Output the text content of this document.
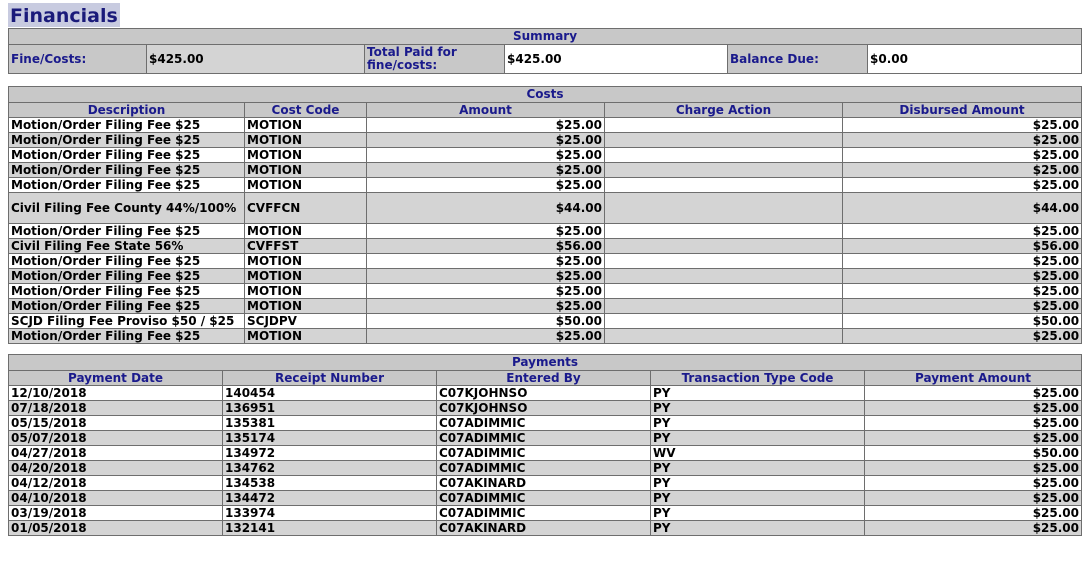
Financials
Summary
Fine/Costs:	$425.00	Total Paid for fine/costs:	$425.00	Balance Due:	$0.00
Costs				
Description	Cost Code	Amount	Charge Action	Disbursed Amount
Motion/Order Filing Fee $25	MOTION	$25.00		$25.00
Motion/Order Filing Fee $25	MOTION	$25.00		$25.00
Motion/Order Filing Fee $25	MOTION	$25.00		$25.00
Motion/Order Filing Fee $25	MOTION	$25.00		$25.00
Motion/Order Filing Fee $25	MOTION	$25.00		$25.00
Civil Filing Fee County 44%/100%	CVFFCN	$44.00		$44.00
Motion/Order Filing Fee $25	MOTION	$25.00		$25.00
Civil Filing Fee State 56%	CVFFST	$56.00		$56.00
Motion/Order Filing Fee $25	MOTION	$25.00		$25.00
Motion/Order Filing Fee $25	MOTION	$25.00		$25.00
Motion/Order Filing Fee $25	MOTION	$25.00		$25.00
Motion/Order Filing Fee $25	MOTION	$25.00		$25.00
SCJD Filing Fee Proviso $50 / $25	SCJDPV	$50.00		$50.00
Motion/Order Filing Fee $25	MOTION	$25.00		$25.00
Payments				
Payment Date	Receipt Number	Entered By	Transaction Type Code	Payment Amount
12/10/2018	140454	C07KJOHNSO	PY	$25.00
07/18/2018	136951	C07KJOHNSO	PY	$25.00
05/15/2018	135381	C07ADIMMIC	PY	$25.00
05/07/2018	135174	C07ADIMMIC	PY	$25.00
04/27/2018	134972	C07ADIMMIC	WV	$50.00
04/20/2018	134762	C07ADIMMIC	PY	$25.00
04/12/2018	134538	C07AKINARD	PY	$25.00
04/10/2018	134472	C07ADIMMIC	PY	$25.00
03/19/2018	133974	C07ADIMMIC	PY	$25.00
01/05/2018	132141	C07AKINARD	PY	$25.00
